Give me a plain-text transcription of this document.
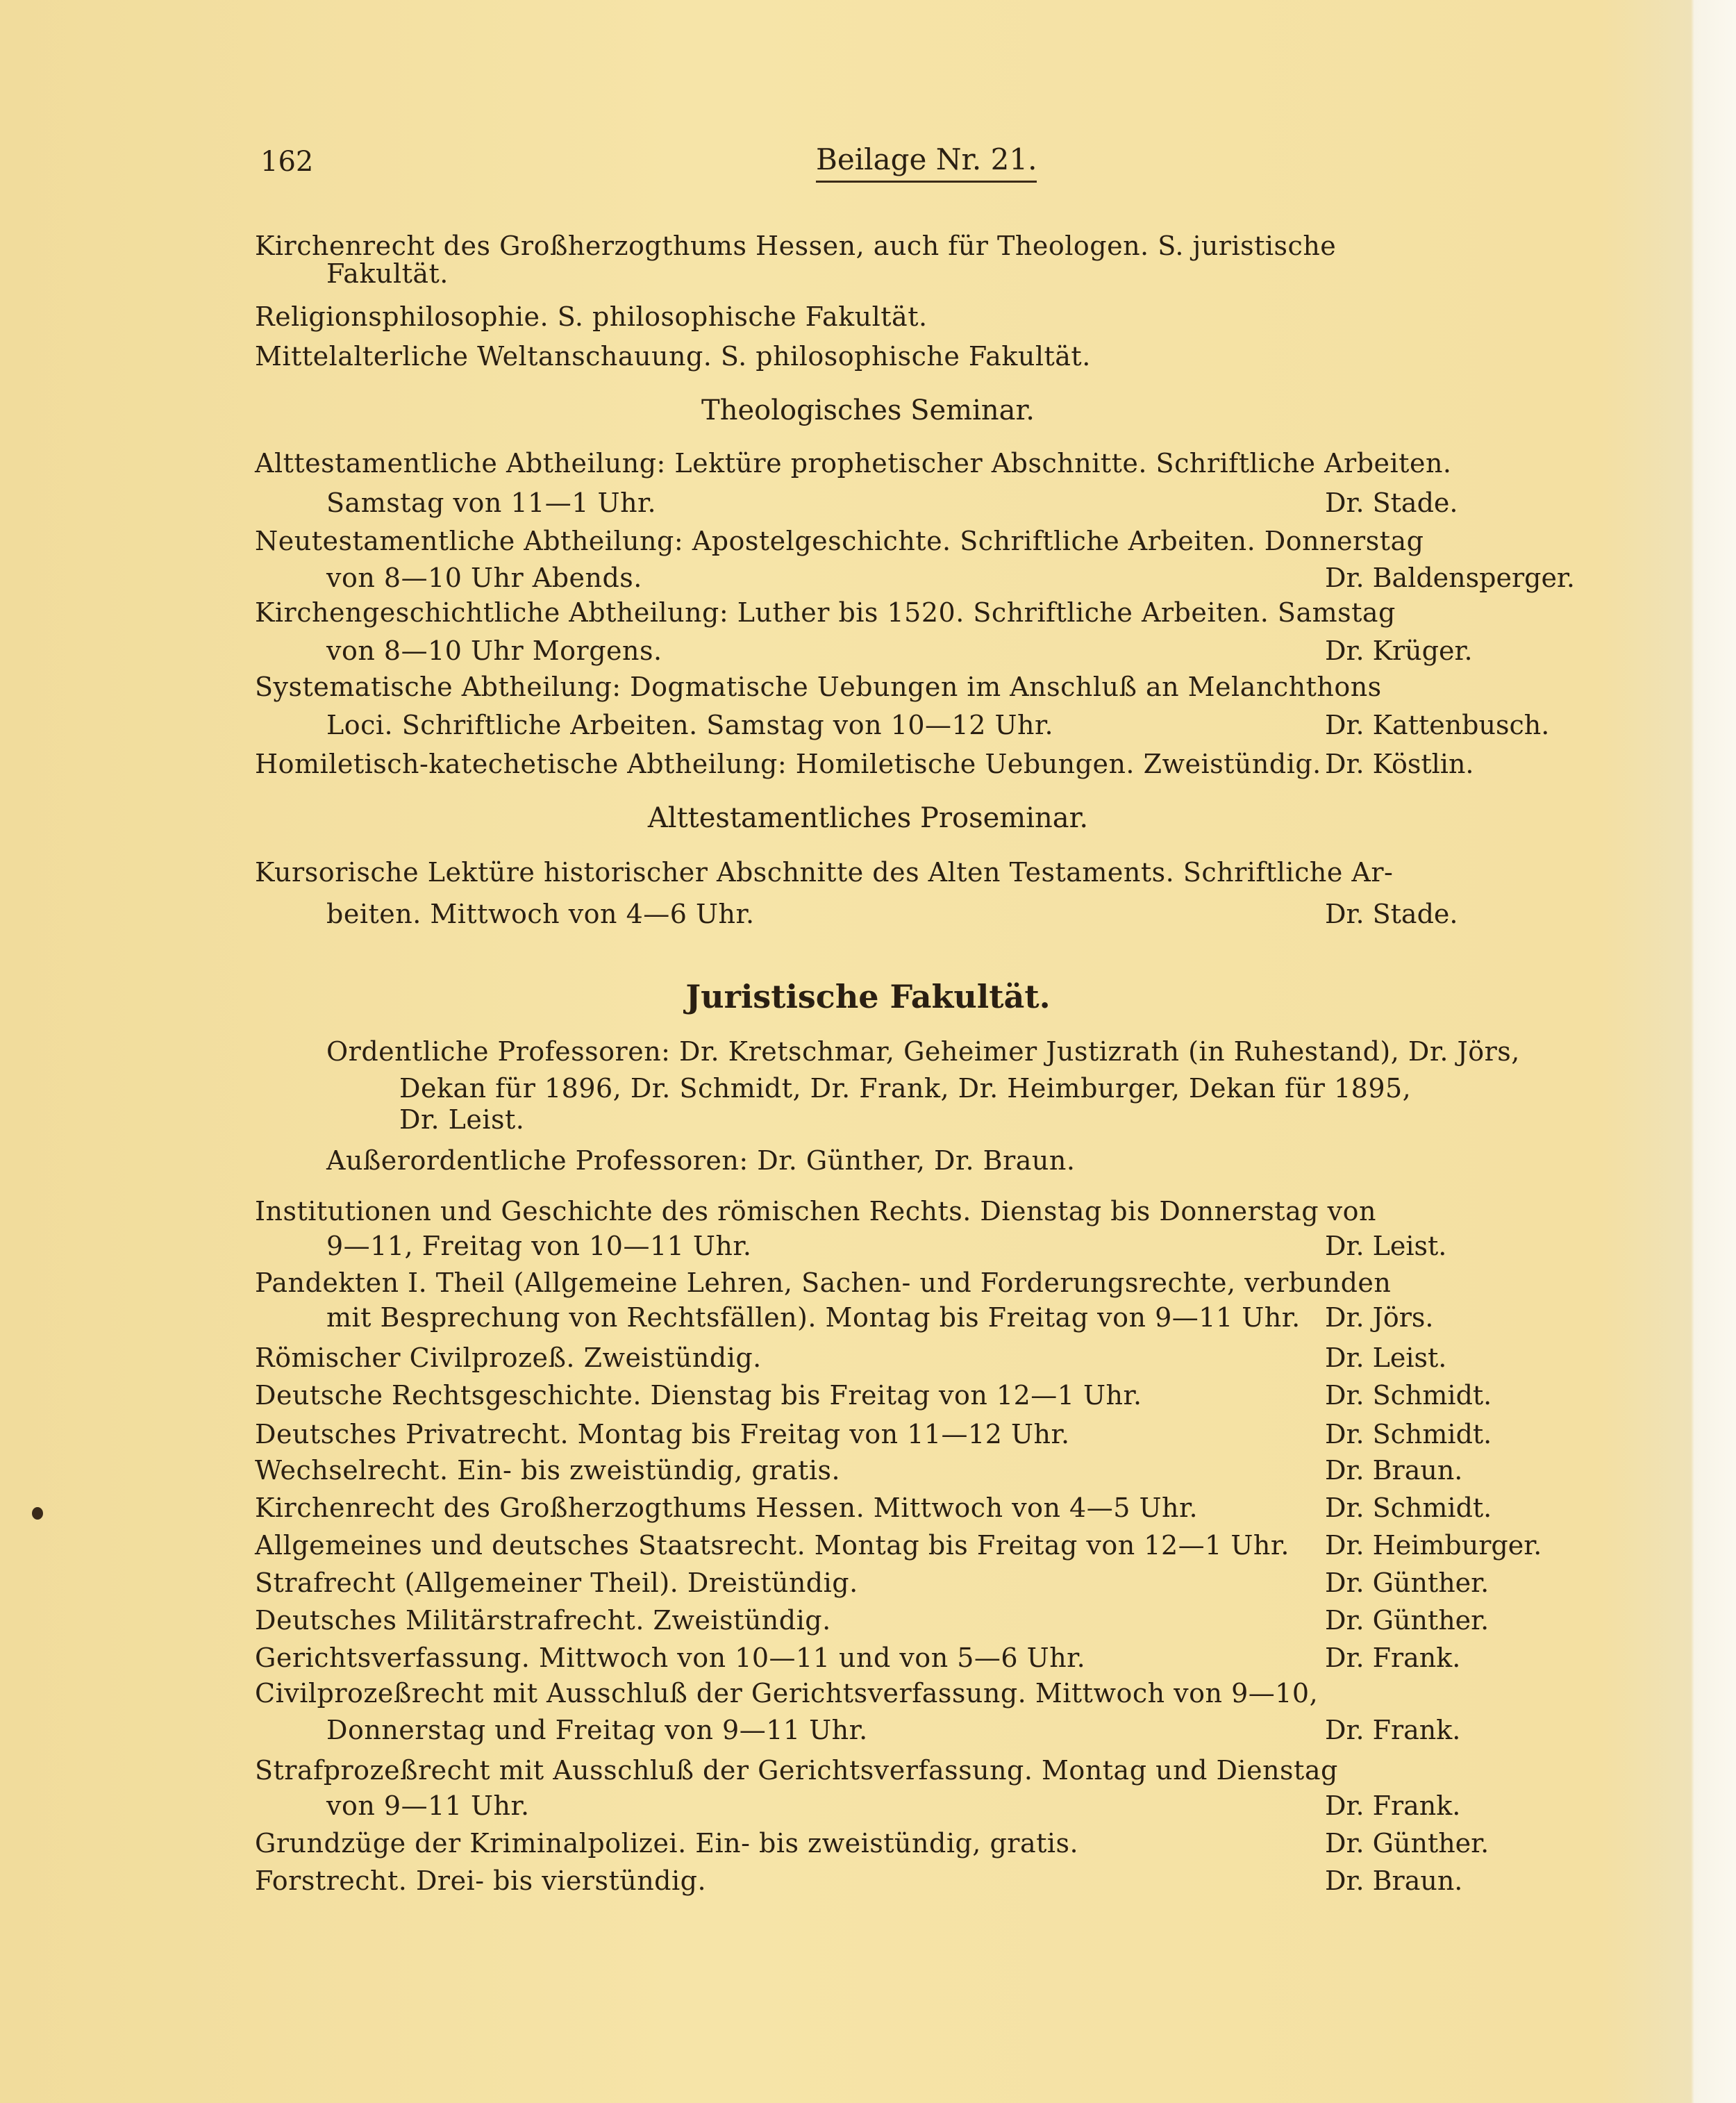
162	Beilage Nr. 21.
Kirchenrecht des Großherzogthums Hessen, auch für Theologen. S. juristische
Fakultät.
Religionsphilosophie. S. philosophische Fakultät.
Mittelalterliche Weltanschauung. S. philosophische Fakultät.
Theologisches Seminar.
Alttestamentliche Abtheilung: Lektüre prophetischer Abschnitte. Schriftliche Arbeiten.
Samstag von 11—1 Uhr.	Dr. Stade.
Neutestamentliche Abtheilung: Apostelgeschichte. Schriftliche Arbeiten. Donnerstag
von 8—10 Uhr Abends.	Dr. Baldensperger.
Kirchengeschichtliche Abtheilung: Luther bis 1520. Schriftliche Arbeiten. Samstag
von 8—10 Uhr Morgens.	Dr. Krüger.
Systematische Abtheilung: Dogmatische Uebungen im Anschluß an Melanchthons
Loci. Schriftliche Arbeiten. Samstag von 10—12 Uhr.	Dr. Kattenbusch.
Homiletisch-katechetische Abtheilung: Homiletische Uebungen. Zweistündig. Dr. Köstlin.
Alttestamentliches Proseminar.
Kursorische Lektüre historischer Abschnitte des Alten Testaments. Schriftliche Ar-
beiten. Mittwoch von 4—6 Uhr.	Dr. Stade.
Juristische Fakultät.
Ordentliche Professoren: Dr. Kretschmar, Geheimer Justizrath (in Ruhestand), Dr. Jörs,
Dekan für 1896, Dr. Schmidt, Dr. Frank, Dr. Heimburger, Dekan für 1895,
Dr. Leist.
Außerordentliche Professoren: Dr. Günther, Dr. Braun.
Institutionen und Geschichte des römischen Rechts. Dienstag bis Donnerstag von
9—11, Freitag von 10—11 Uhr.	Dr. Leist.
Pandekten I. Theil (Allgemeine Lehren, Sachen- und Forderungsrechte, verbunden
mit Besprechung von Rechtsfällen). Montag bis Freitag von 9—11 Uhr. Dr. Jörs.
Römischer Civilprozeß. Zweistündig.	Dr. Leist.
Deutsche Rechtsgeschichte. Dienstag bis Freitag von 12—1 Uhr.	Dr. Schmidt.
Deutsches Privatrecht. Montag bis Freitag von 11—12 Uhr.	Dr. Schmidt.
Wechselrecht. Ein- bis zweistündig, gratis.	Dr. Braun.
Kirchenrecht des Großherzogthums Hessen. Mittwoch von 4—5 Uhr.	Dr. Schmidt.
Allgemeines und deutsches Staatsrecht. Montag bis Freitag von 12—1 Uhr. Dr. Heimburger.
Strafrecht (Allgemeiner Theil). Dreistündig.	Dr. Günther.
Deutsches Militärstrafrecht. Zweistündig.	Dr. Günther.
Gerichtsverfassung. Mittwoch von 10—11 und von 5—6 Uhr.	Dr. Frank.
Civilprozeßrecht mit Ausschluß der Gerichtsverfassung. Mittwoch von 9—10,
Donnerstag und Freitag von 9—11 Uhr.	Dr. Frank.
Strafprozeßrecht mit Ausschluß der Gerichtsverfassung. Montag und Dienstag
von 9—11 Uhr.	Dr. Frank.
Grundzüge der Kriminalpolizei. Ein- bis zweistündig, gratis.	Dr. Günther.
Forstrecht. Drei- bis vierstündig.	Dr. Braun.
